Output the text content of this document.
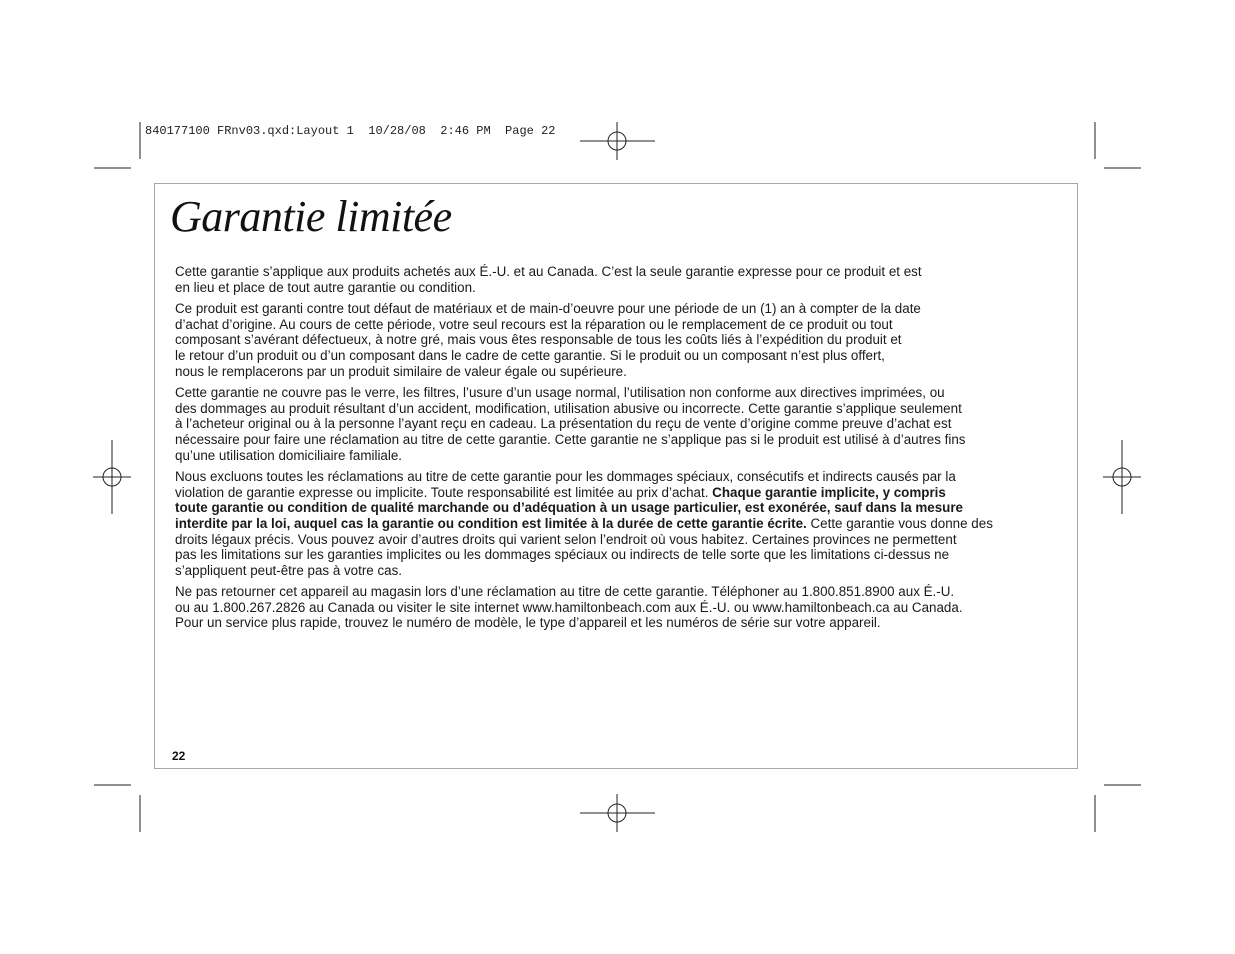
840177100 FRnv03.qxd:Layout 1  10/28/08  2:46 PM  Page 22
Garantie limitée

Cette garantie s’applique aux produits achetés aux É.-U. et au Canada. C’est la seule garantie expresse pour ce produit et est
en lieu et place de tout autre garantie ou condition.

Ce produit est garanti contre tout défaut de matériaux et de main-d’oeuvre pour une période de un (1) an à compter de la date
d’achat d’origine. Au cours de cette période, votre seul recours est la réparation ou le remplacement de ce produit ou tout
composant s’avérant défectueux, à notre gré, mais vous êtes responsable de tous les coûts liés à l’expédition du produit et
le retour d’un produit ou d’un composant dans le cadre de cette garantie. Si le produit ou un composant n’est plus offert,
nous le remplacerons par un produit similaire de valeur égale ou supérieure.

Cette garantie ne couvre pas le verre, les filtres, l’usure d’un usage normal, l’utilisation non conforme aux directives imprimées, ou
des dommages au produit résultant d’un accident, modification, utilisation abusive ou incorrecte. Cette garantie s’applique seulement
à l’acheteur original ou à la personne l’ayant reçu en cadeau. La présentation du reçu de vente d’origine comme preuve d’achat est
nécessaire pour faire une réclamation au titre de cette garantie. Cette garantie ne s’applique pas si le produit est utilisé à d’autres fins
qu’une utilisation domiciliaire familiale.

Nous excluons toutes les réclamations au titre de cette garantie pour les dommages spéciaux, consécutifs et indirects causés par la
violation de garantie expresse ou implicite. Toute responsabilité est limitée au prix d’achat. Chaque garantie implicite, y compris
toute garantie ou condition de qualité marchande ou d’adéquation à un usage particulier, est exonérée, sauf dans la mesure
interdite par la loi, auquel cas la garantie ou condition est limitée à la durée de cette garantie écrite. Cette garantie vous donne des
droits légaux précis. Vous pouvez avoir d’autres droits qui varient selon l’endroit où vous habitez. Certaines provinces ne permettent
pas les limitations sur les garanties implicites ou les dommages spéciaux ou indirects de telle sorte que les limitations ci-dessus ne
s’appliquent peut-être pas à votre cas.

Ne pas retourner cet appareil au magasin lors d’une réclamation au titre de cette garantie. Téléphoner au 1.800.851.8900 aux É.-U.
ou au 1.800.267.2826 au Canada ou visiter le site internet www.hamiltonbeach.com aux É.-U. ou www.hamiltonbeach.ca au Canada.
Pour un service plus rapide, trouvez le numéro de modèle, le type d’appareil et les numéros de série sur votre appareil.

22
